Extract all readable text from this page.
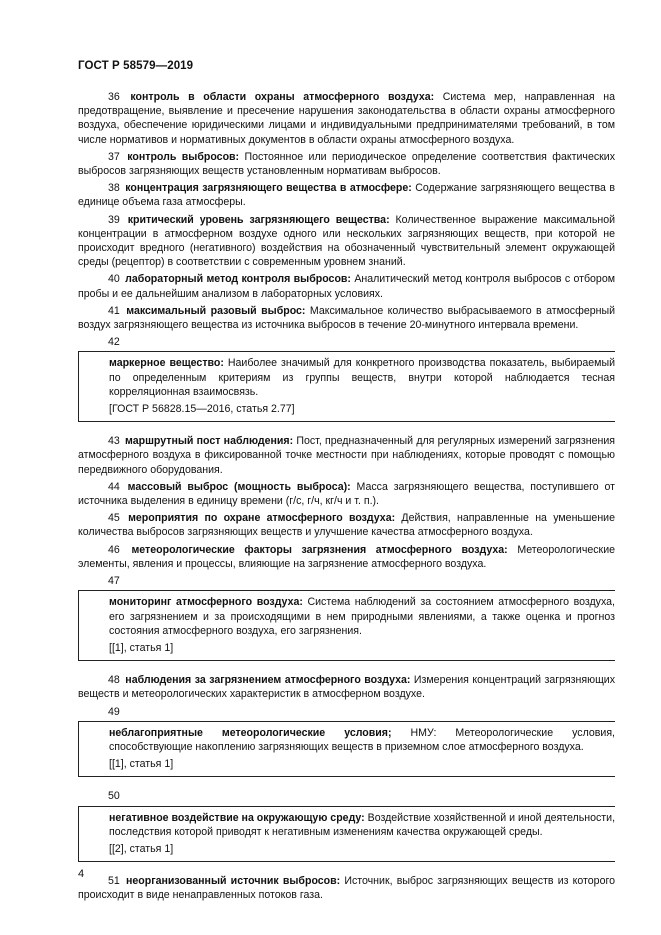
ГОСТ Р 58579—2019

36 контроль в области охраны атмосферного воздуха: Система мер, направленная на предотвращение, выявление и пресечение нарушения законодательства в области охраны атмосферного воздуха, обеспечение юридическими лицами и индивидуальными предпринимателями требований, в том числе нормативов и нормативных документов в области охраны атмосферного воздуха.

37 контроль выбросов: Постоянное или периодическое определение соответствия фактических выбросов загрязняющих веществ установленным нормативам выбросов.

38 концентрация загрязняющего вещества в атмосфере: Содержание загрязняющего вещества в единице объема газа атмосферы.

39 критический уровень загрязняющего вещества: Количественное выражение максимальной концентрации в атмосферном воздухе одного или нескольких загрязняющих веществ, при которой не происходит вредного (негативного) воздействия на обозначенный чувствительный элемент окружающей среды (рецептор) в соответствии с современным уровнем знаний.

40 лабораторный метод контроля выбросов: Аналитический метод контроля выбросов с отбором пробы и ее дальнейшим анализом в лабораторных условиях.

41 максимальный разовый выброс: Максимальное количество выбрасываемого в атмосферный воздух загрязняющего вещества из источника выбросов в течение 20-минутного интервала времени.

42

маркерное вещество: Наиболее значимый для конкретного производства показатель, выбираемый по определенным критериям из группы веществ, внутри которой наблюдается тесная корреляционная взаимосвязь.

[ГОСТ Р 56828.15—2016, статья 2.77]

43 маршрутный пост наблюдения: Пост, предназначенный для регулярных измерений загрязнения атмосферного воздуха в фиксированной точке местности при наблюдениях, которые проводят с помощью передвижного оборудования.

44 массовый выброс (мощность выброса): Масса загрязняющего вещества, поступившего от источника выделения в единицу времени (г/с, г/ч, кг/ч и т. п.).

45 мероприятия по охране атмосферного воздуха: Действия, направленные на уменьшение количества выбросов загрязняющих веществ и улучшение качества атмосферного воздуха.

46 метеорологические факторы загрязнения атмосферного воздуха: Метеорологические элементы, явления и процессы, влияющие на загрязнение атмосферного воздуха.

47

мониторинг атмосферного воздуха: Система наблюдений за состоянием атмосферного воздуха, его загрязнением и за происходящими в нем природными явлениями, а также оценка и прогноз состояния атмосферного воздуха, его загрязнения.

[[1], статья 1]

48 наблюдения за загрязнением атмосферного воздуха: Измерения концентраций загрязняющих веществ и метеорологических характеристик в атмосферном воздухе.

49

неблагоприятные метеорологические условия; НМУ: Метеорологические условия, способствующие накоплению загрязняющих веществ в приземном слое атмосферного воздуха.

[[1], статья 1]

50

негативное воздействие на окружающую среду: Воздействие хозяйственной и иной деятельности, последствия которой приводят к негативным изменениям качества окружающей среды.

[[2], статья 1]

51 неорганизованный источник выбросов: Источник, выброс загрязняющих веществ из которого происходит в виде ненаправленных потоков газа.

4
